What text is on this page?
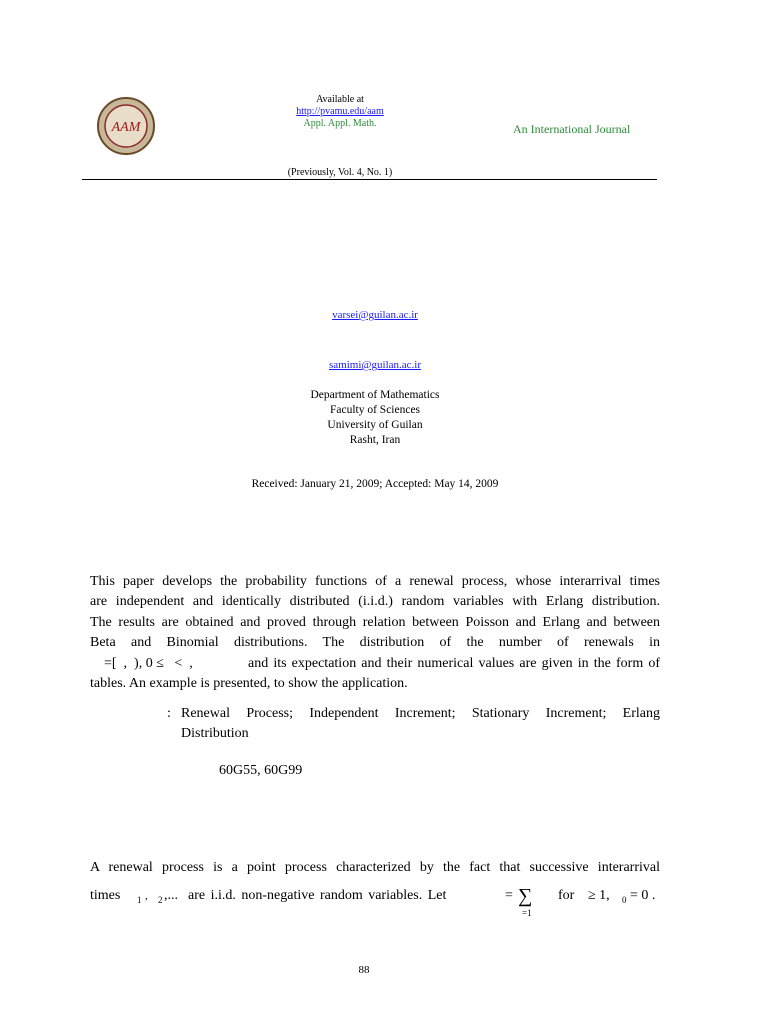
AAM
Available at
http://pvamu.edu/aam
Appl. Appl. Math.	An International Journal
(Previously, Vol. 4, No. 1)
varsei@guilan.ac.ir
samimi@guilan.ac.ir
Department of Mathematics
Faculty of Sciences
University of Guilan
Rasht, Iran
Received: January 21, 2009; Accepted: May 14, 2009
This paper develops the probability functions of a renewal process, whose interarrival times
are independent and identically distributed (i.i.d.) random variables with Erlang distribution.
The results are obtained and proved through relation between Poisson and Erlang and between
Beta  and  Binomial  distributions.  The  distribution  of  the  number  of  renewals  in
=[  ,  ), 0 ≤   <  ,	and its expectation and their numerical values are given in the form of
tables. An example is presented, to show the application.
: Renewal Process; Independent Increment; Stationary Increment; Erlang
Distribution
60G55, 60G99
A renewal process is a point process characterized by the fact that successive interarrival
times 1 , 2 ,... are i.i.d. non-negative random variables. Let	= ∑
=1
for ≥ 1, 0 = 0 .
88
